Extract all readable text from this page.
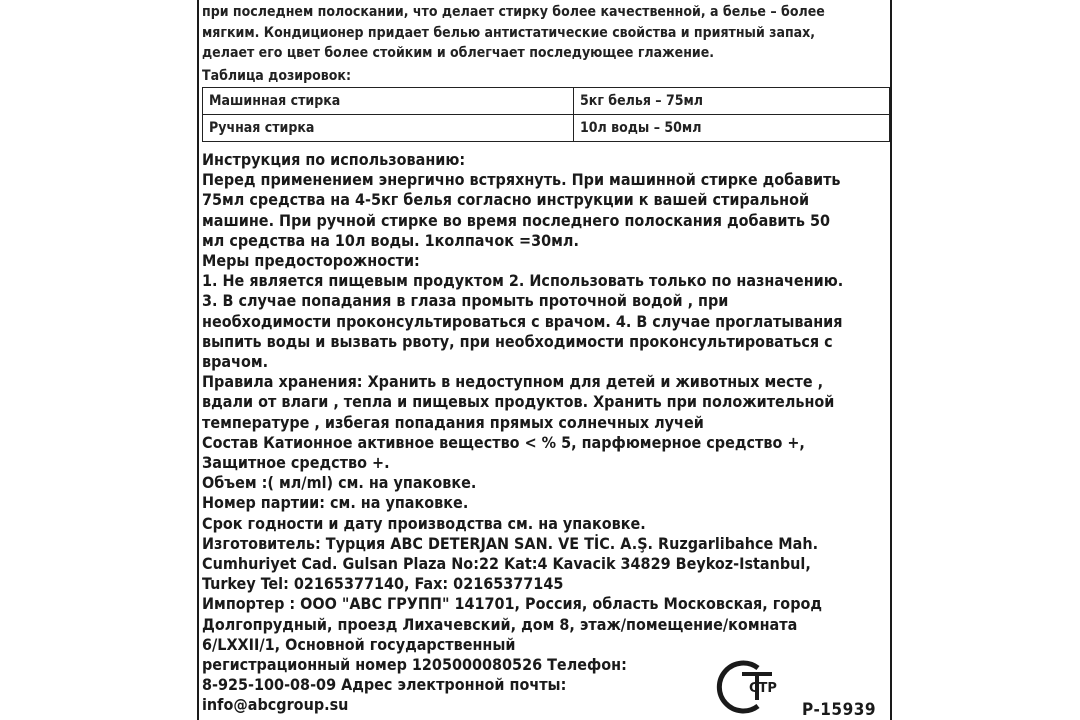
при последнем полоскании, что делает стирку более качественной, а белье – более
мягким. Кондиционер придает белью антистатические свойства и приятный запах,
делает его цвет более стойким и облегчает последующее глажение.
Таблица дозировок:
Машинная стирка	5кг белья – 75мл
Ручная стирка	10л воды – 50мл
Инструкция по использованию:
Перед применением энергично встряхнуть. При машинной стирке добавить
75мл средства на 4-5кг белья согласно инструкции к вашей стиральной
машине. При ручной стирке во время последнего полоскания добавить 50
мл средства на 10л воды. 1колпачок =30мл.
Меры предосторожности:
1. Не является пищевым продуктом 2. Использовать только по назначению.
3. В случае попадания в глаза промыть проточной водой , при
необходимости проконсультироваться с врачом. 4. В случае проглатывания
выпить воды и вызвать рвоту, при необходимости проконсультироваться с
врачом.
Правила хранения: Хранить в недоступном для детей и животных месте ,
вдали от влаги , тепла и пищевых продуктов. Хранить при положительной
температуре , избегая попадания прямых солнечных лучей
Состав Катионное активное вещество < % 5, парфюмерное средство +,
Защитное средство +.
Объем :( мл/ml) см. на упаковке.
Номер партии: см. на упаковке.
Срок годности и дату производства см. на упаковке.
Изготовитель: Турция ABC DETERJAN SAN. VE TİC. A.Ş. Ruzgarlibahce Mah.
Cumhuriyet Cad. Gulsan Plaza No:22 Kat:4 Kavacik 34829 Beykoz-Istanbul,
Turkey Tel: 02165377140, Fax: 02165377145
Импортер : ООО "АВС ГРУПП" 141701, Россия, область Московская, город
Долгопрудный, проезд Лихачевский, дом 8, этаж/помещение/комната
6/LXXII/1, Основной государственный
регистрационный номер 1205000080526 Телефон:
8-925-100-08-09 Адрес электронной почты:
info@abcgroup.su
CTP
P-15939
